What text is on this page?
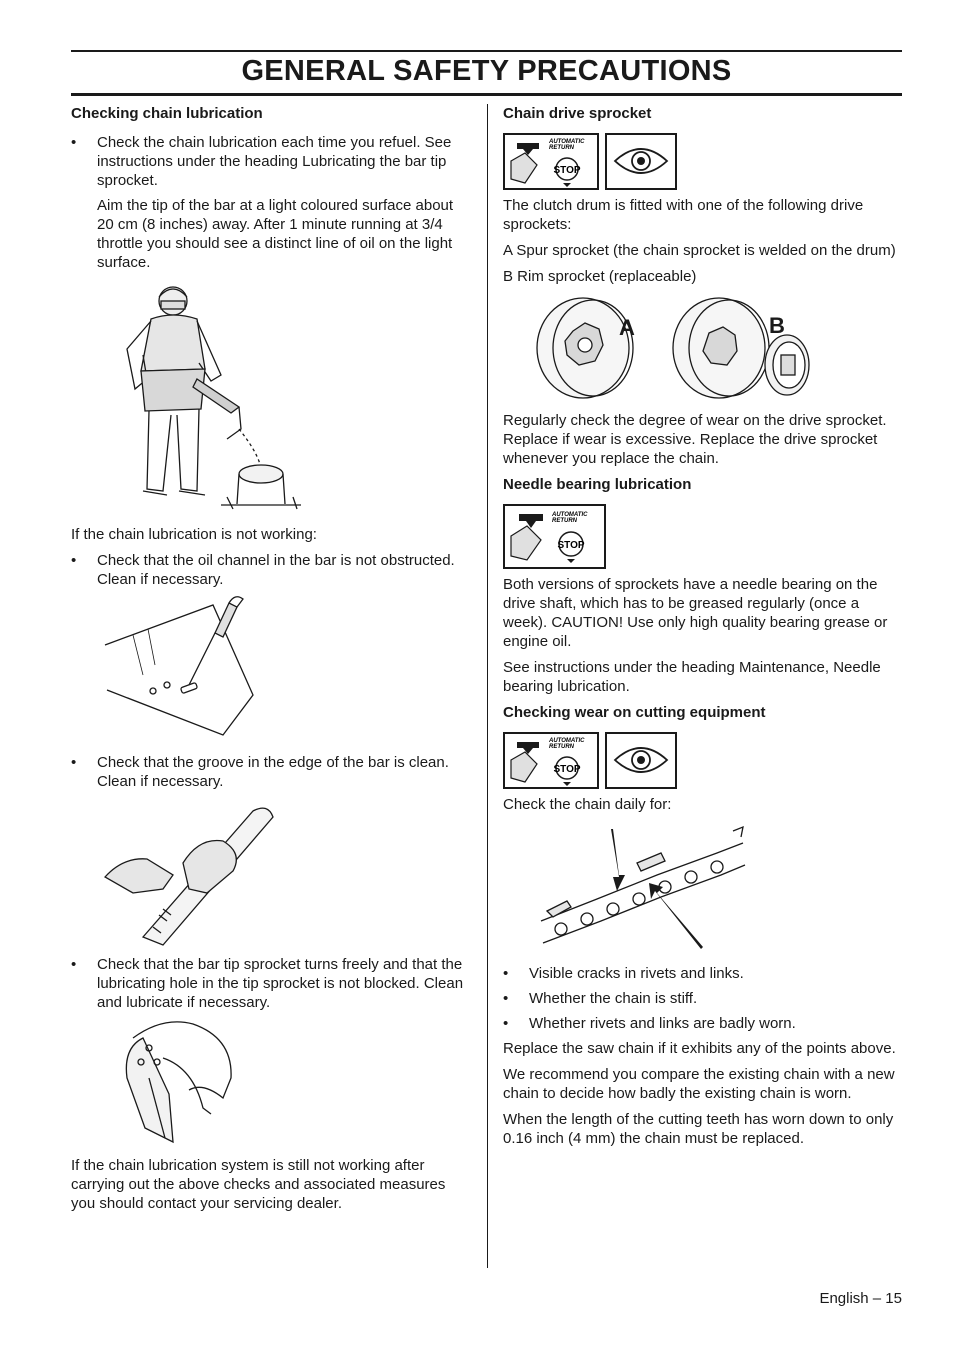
GENERAL SAFETY PRECAUTIONS
Checking chain lubrication
• Check the chain lubrication each time you refuel. See instructions under the heading Lubricating the bar tip sprocket.

Aim the tip of the bar at a light coloured surface about 20 cm (8 inches) away. After 1 minute running at 3/4 throttle you should see a distinct line of oil on the light surface.

If the chain lubrication is not working:

• Check that the oil channel in the bar is not obstructed. Clean if necessary.
• Check that the groove in the edge of the bar is clean. Clean if necessary.
• Check that the bar tip sprocket turns freely and that the lubricating hole in the tip sprocket is not blocked. Clean and lubricate if necessary.

If the chain lubrication system is still not working after carrying out the above checks and associated measures you should contact your servicing dealer.

Chain drive sprocket
STOP
AUTOMATIC
RETURN

The clutch drum is fitted with one of the following drive sprockets:

A Spur sprocket (the chain sprocket is welded on the drum)

B Rim sprocket (replaceable)

A	B

Regularly check the degree of wear on the drive sprocket. Replace if wear is excessive. Replace the drive sprocket whenever you replace the chain.

Needle bearing lubrication
STOP
AUTOMATIC
RETURN

Both versions of sprockets have a needle bearing on the drive shaft, which has to be greased regularly (once a week). CAUTION! Use only high quality bearing grease or engine oil.

See instructions under the heading Maintenance, Needle bearing lubrication.

Checking wear on cutting equipment
STOP
AUTOMATIC
RETURN

Check the chain daily for:

• Visible cracks in rivets and links.
• Whether the chain is stiff.
• Whether rivets and links are badly worn.

Replace the saw chain if it exhibits any of the points above.

We recommend you compare the existing chain with a new chain to decide how badly the existing chain is worn.

When the length of the cutting teeth has worn down to only 0.16 inch (4 mm) the chain must be replaced.

English – 15
